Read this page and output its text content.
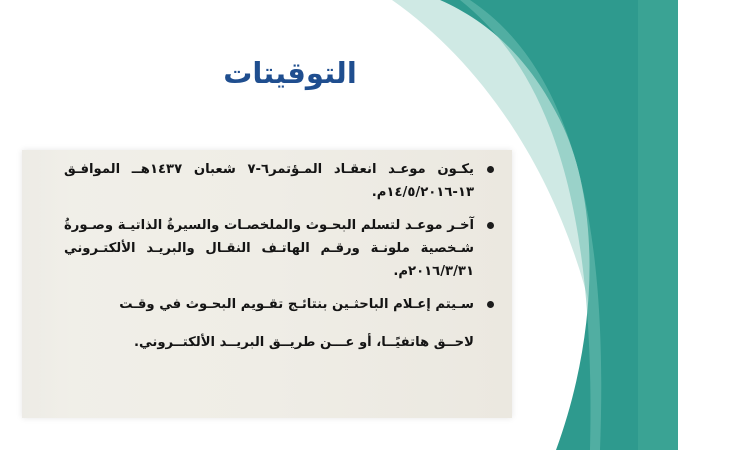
التوقيتات
يكـون موعـد انعقـاد المـؤتمر٦-٧ شعبان ١٤٣٧هــ الموافـق ١٣-١٤/٥/٢٠١٦م.
آخـر موعـد لتسلم البحـوث والملخصـات والسيرةُ الذاتيـة وصـورةُ شـخصية ملونـة ورقـم الهاتـف النقـال والبريـد الألكتـروني ٢٠١٦/٣/٣١م.
سـيتم إعـلام الباحثـين بنتائـج تقـويم البحـوث في وقـت
لاحــق هاتفيًــا، أو عـــن طريــق البريــد الألكتــروني.
